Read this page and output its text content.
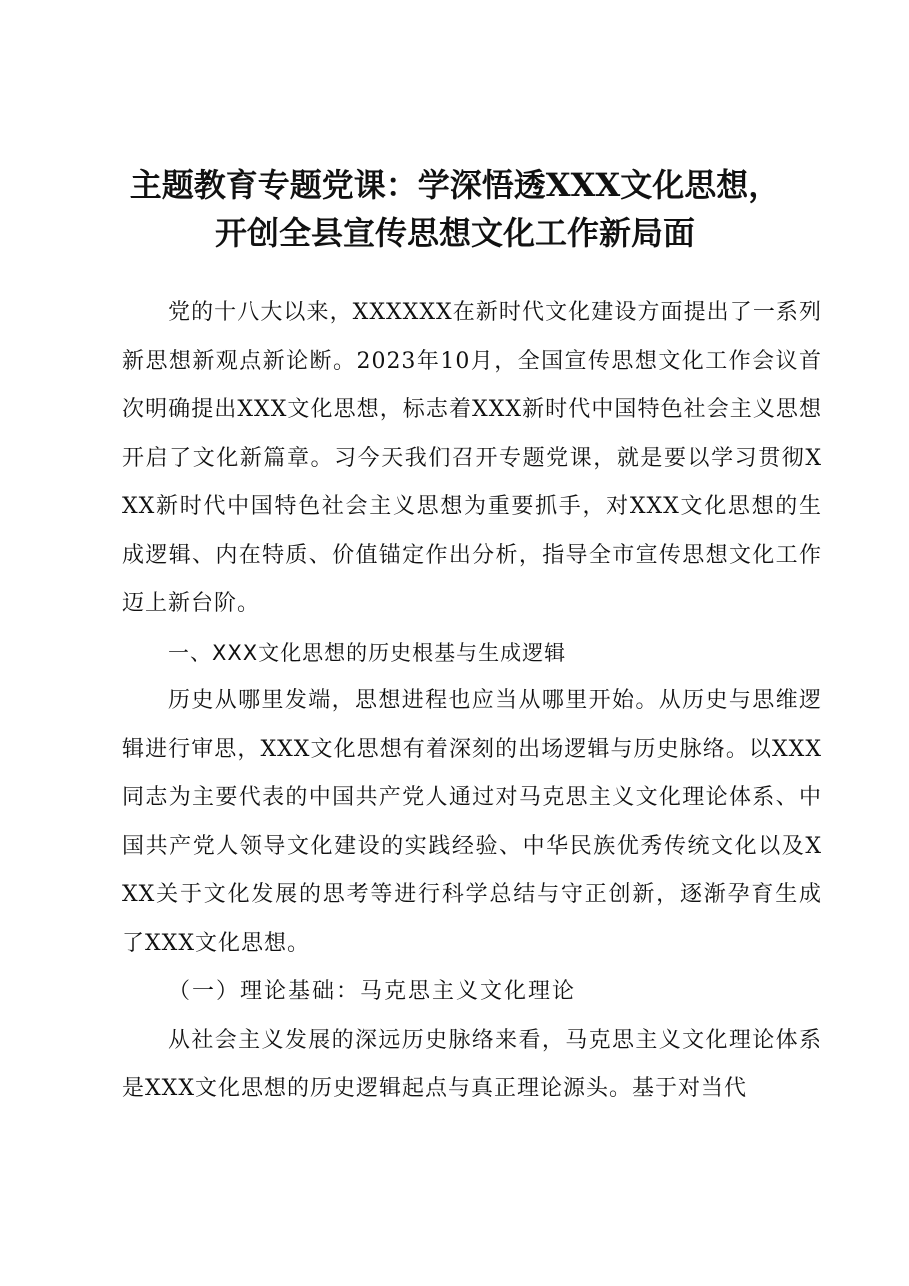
主题教育专题党课：学深悟透XXX文化思想，
开创全县宣传思想文化工作新局面

党的十八大以来，XXXXXX在新时代文化建设方面提出了一系列新思想新观点新论断。2023年10月，全国宣传思想文化工作会议首次明确提出XXX文化思想，标志着XXX新时代中国特色社会主义思想开启了文化新篇章。习今天我们召开专题党课，就是要以学习贯彻XXX新时代中国特色社会主义思想为重要抓手，对XXX文化思想的生成逻辑、内在特质、价值锚定作出分析，指导全市宣传思想文化工作迈上新台阶。

一、XXX文化思想的历史根基与生成逻辑

历史从哪里发端，思想进程也应当从哪里开始。从历史与思维逻辑进行审思，XXX文化思想有着深刻的出场逻辑与历史脉络。以XXX同志为主要代表的中国共产党人通过对马克思主义文化理论体系、中国共产党人领导文化建设的实践经验、中华民族优秀传统文化以及XXX关于文化发展的思考等进行科学总结与守正创新，逐渐孕育生成了XXX文化思想。

（一）理论基础：马克思主义文化理论

从社会主义发展的深远历史脉络来看，马克思主义文化理论体系是XXX文化思想的历史逻辑起点与真正理论源头。基于对当代
